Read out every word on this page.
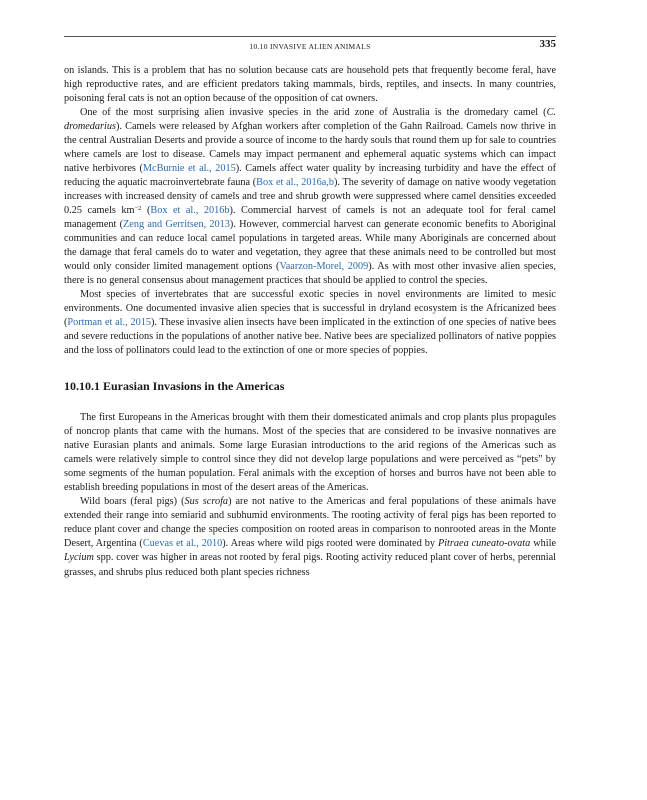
10.10 INVASIVE ALIEN ANIMALS	335

on islands. This is a problem that has no solution because cats are household pets that frequently become feral, have high reproductive rates, and are efficient predators taking mammals, birds, reptiles, and insects. In many countries, poisoning feral cats is not an option because of the opposition of cat owners.

One of the most surprising alien invasive species in the arid zone of Australia is the dromedary camel (C. dromedarius). Camels were released by Afghan workers after completion of the Gahn Railroad. Camels now thrive in the central Australian Deserts and provide a source of income to the hardy souls that round them up for sale to countries where camels are lost to disease. Camels may impact permanent and ephemeral aquatic systems which can impact native herbivores (McBurnie et al., 2015). Camels affect water quality by increasing turbidity and have the effect of reducing the aquatic macroinvertebrate fauna (Box et al., 2016a,b). The severity of damage on native woody vegetation increases with increased density of camels and tree and shrub growth were suppressed where camel densities exceeded 0.25 camels $km^{-2}$ (Box et al., 2016b). Commercial harvest of camels is not an adequate tool for feral camel management (Zeng and Gerritsen, 2013). However, commercial harvest can generate economic benefits to Aboriginal communities and can reduce local camel populations in targeted areas. While many Aboriginals are concerned about the damage that feral camels do to water and vegetation, they agree that these animals need to be controlled but most would only consider limited management options (Vaarzon-Morel, 2009). As with most other invasive alien species, there is no general consensus about management practices that should be applied to control the species.

Most species of invertebrates that are successful exotic species in novel environments are limited to mesic environments. One documented invasive alien species that is successful in dryland ecosystem is the Africanized bees (Portman et al., 2015). These invasive alien insects have been implicated in the extinction of one species of native bees and severe reductions in the populations of another native bee. Native bees are specialized pollinators of native poppies and the loss of pollinators could lead to the extinction of one or more species of poppies.

10.10.1 Eurasian Invasions in the Americas

The first Europeans in the Americas brought with them their domesticated animals and crop plants plus propagules of noncrop plants that came with the humans. Most of the species that are considered to be invasive nonnatives are native Eurasian plants and animals. Some large Eurasian introductions to the arid regions of the Americas such as camels were relatively simple to control since they did not develop large populations and were perceived as “pets” by some segments of the human population. Feral animals with the exception of horses and burros have not been able to establish breeding populations in most of the desert areas of the Americas.

Wild boars (feral pigs) (Sus scrofa) are not native to the Americas and feral populations of these animals have extended their range into semiarid and subhumid environments. The rooting activity of feral pigs has been reported to reduce plant cover and change the species composition on rooted areas in comparison to nonrooted areas in the Monte Desert, Argentina (Cuevas et al., 2010). Areas where wild pigs rooted were dominated by Pitraea cuneato-ovata while Lycium spp. cover was higher in areas not rooted by feral pigs. Rooting activity reduced plant cover of herbs, perennial grasses, and shrubs plus reduced both plant species richness
